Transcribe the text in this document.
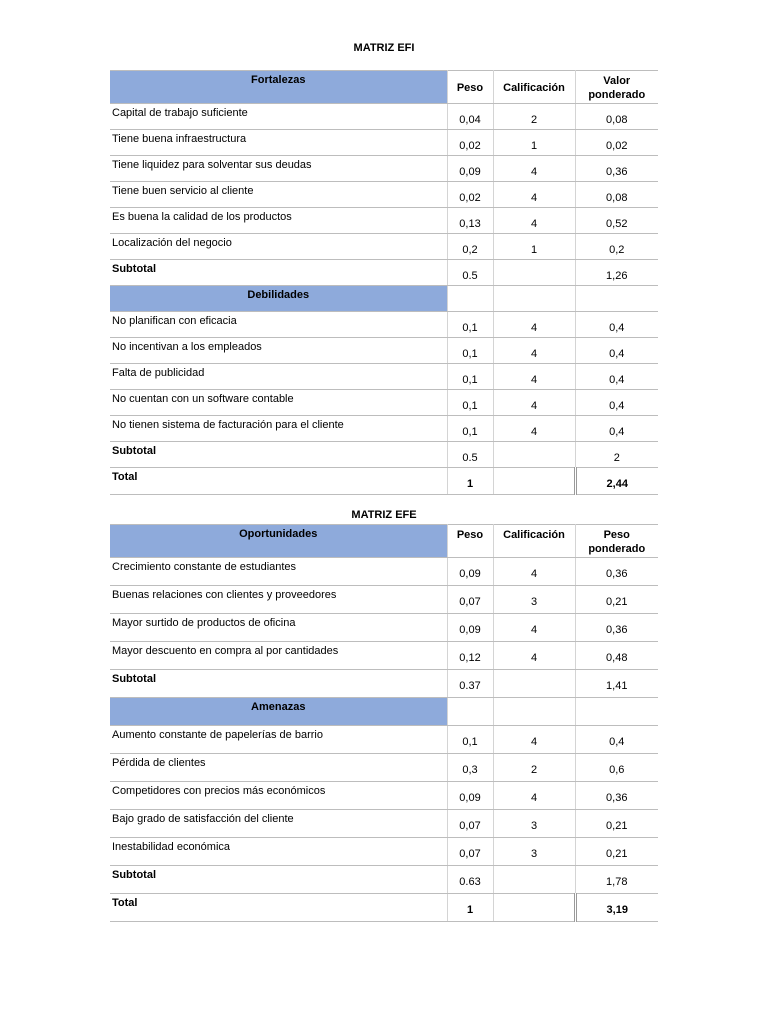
MATRIZ EFI
Fortalezas	Peso	Calificación	Valor ponderado

Capital de trabajo suficiente	0,04	2	0,08

Tiene buena infraestructura	0,02	1	0,02

Tiene liquidez para solventar sus deudas	0,09	4	0,36

Tiene buen servicio al cliente	0,02	4	0,08

Es buena la calidad de los productos	0,13	4	0,52

Localización del negocio	0,2	1	0,2

Subtotal	0.5		1,26

Debilidades			

No planifican con eficacia	0,1	4	0,4

No incentivan a los empleados	0,1	4	0,4

Falta de publicidad	0,1	4	0,4

No cuentan con un software contable	0,1	4	0,4

No tienen sistema de facturación para el cliente	0,1	4	0,4

Subtotal	0.5		2

Total	1		2,44
MATRIZ EFE
Oportunidades	Peso	Calificación	Peso ponderado

Crecimiento constante de estudiantes	0,09	4	0,36

Buenas relaciones con clientes y proveedores	0,07	3	0,21

Mayor surtido de productos de oficina	0,09	4	0,36

Mayor descuento en compra al por cantidades	0,12	4	0,48

Subtotal	0.37		1,41

Amenazas			

Aumento constante de papelerías de barrio	0,1	4	0,4

Pérdida de clientes	0,3	2	0,6

Competidores con precios más económicos	0,09	4	0,36

Bajo grado de satisfacción del cliente	0,07	3	0,21

Inestabilidad económica	0,07	3	0,21

Subtotal	0.63		1,78

Total	1		3,19
